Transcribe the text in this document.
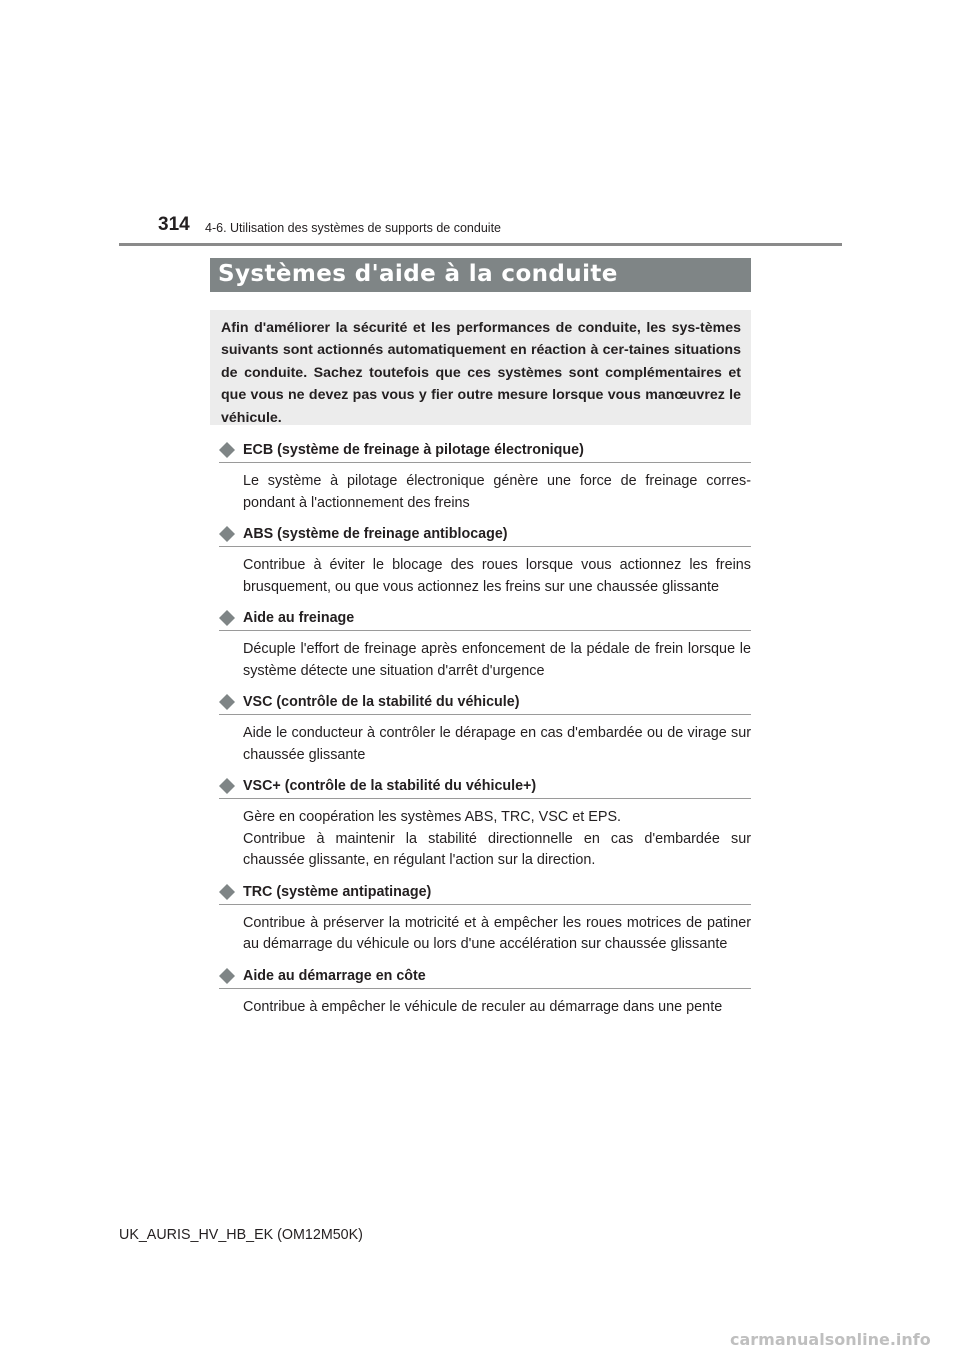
314 4-6. Utilisation des systèmes de supports de conduite
Systèmes d'aide à la conduite

Afin d'améliorer la sécurité et les performances de conduite, les sys-tèmes suivants sont actionnés automatiquement en réaction à cer-taines situations de conduite. Sachez toutefois que ces systèmes sont complémentaires et que vous ne devez pas vous y fier outre mesure lorsque vous manœuvrez le véhicule.

ECB (système de freinage à pilotage électronique)

Le système à pilotage électronique génère une force de freinage corres-pondant à l'actionnement des freins

ABS (système de freinage antiblocage)

Contribue à éviter le blocage des roues lorsque vous actionnez les freins brusquement, ou que vous actionnez les freins sur une chaussée glissante

Aide au freinage

Décuple l'effort de freinage après enfoncement de la pédale de frein lorsque le système détecte une situation d'arrêt d'urgence

VSC (contrôle de la stabilité du véhicule)

Aide le conducteur à contrôler le dérapage en cas d'embardée ou de virage sur chaussée glissante

VSC+ (contrôle de la stabilité du véhicule+)

Gère en coopération les systèmes ABS, TRC, VSC et EPS.

Contribue à maintenir la stabilité directionnelle en cas d'embardée sur chaussée glissante, en régulant l'action sur la direction.

TRC (système antipatinage)

Contribue à préserver la motricité et à empêcher les roues motrices de patiner au démarrage du véhicule ou lors d'une accélération sur chaussée glissante

Aide au démarrage en côte

Contribue à empêcher le véhicule de reculer au démarrage dans une pente

UK_AURIS_HV_HB_EK (OM12M50K)
carmanualsonline.info
